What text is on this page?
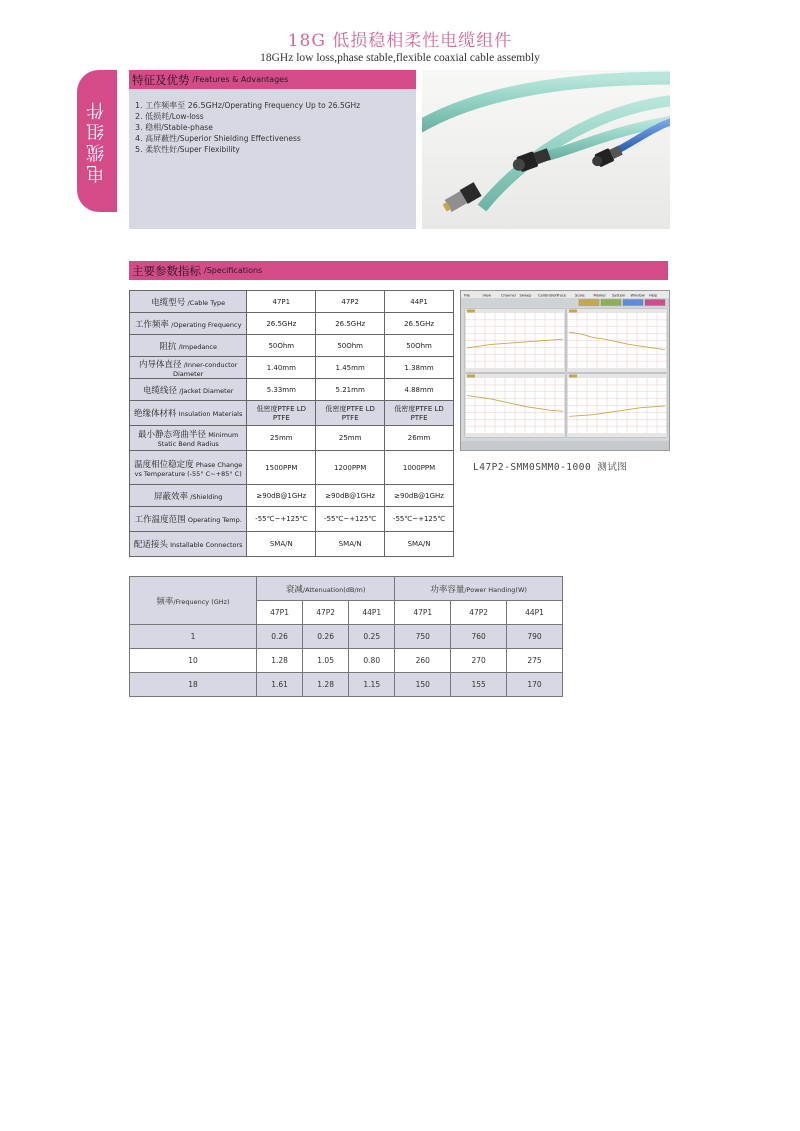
18G 低损稳相柔性电缆组件
18GHz low loss,phase stable,flexible coaxial cable assembly
电缆组件
特征及优势 /Features & Advantages
1. 工作频率至 26.5GHz/Operating Frequency Up to 26.5GHz
2. 低损耗/Low-loss
3. 稳相/Stable-phase
4. 高屏蔽性/Superior Shielding Effectiveness
5. 柔软性好/Super Flexibility
主要参数指标 /Specifications
电缆型号 /Cable Type	47P1	47P2	44P1
工作频率 /Operating Frequency	26.5GHz	26.5GHz	26.5GHz
阻抗 /Impedance	50Ohm	50Ohm	50Ohm
内导体直径 /Inner-conductor Diameter	1.40mm	1.45mm	1.38mm
电缆线径 /Jacket Diameter	5.33mm	5.21mm	4.88mm
绝缘体材料 Insulation Materials	低密度PTFE LD PTFE	低密度PTFE LD PTFE	低密度PTFE LD PTFE
最小静态弯曲半径 Minimum Static Bend Radius	25mm	25mm	26mm
温度相位稳定度 Phase Change vs Temperature (-55° C~+85° C)	1500PPM	1200PPM	1000PPM
屏蔽效率 /Shielding	≥90dB@1GHz	≥90dB@1GHz	≥90dB@1GHz
工作温度范围 Operating Temp.	-55℃~+125℃	-55℃~+125℃	-55℃~+125℃
配适接头 Installable Connectors	SMA/N	SMA/N	SMA/N
File	View	Channel Sweep Calibration
Trace Scale Marker System Window Help
L47P2-SMM0SMM0-1000 测试图
频率/Frequency (GHz)	衰减/Attenuation(dB/m)			功率容量/Power Handing(W)		
	47P1	47P2	44P1	47P1	47P2	44P1
1	0.26	0.26	0.25	750	760	790
10	1.28	1.05	0.80	260	270	275
18	1.61	1.28	1.15	150	155	170
